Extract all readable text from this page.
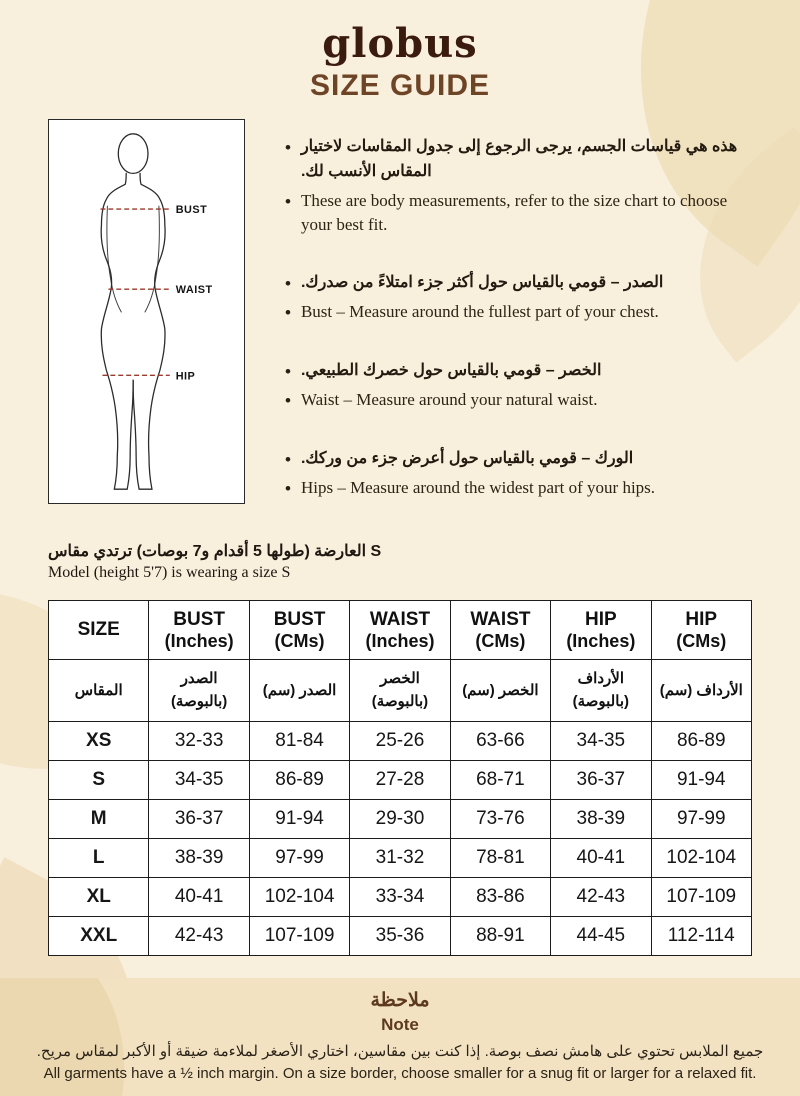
globus
SIZE GUIDE
BUST
WAIST
HIP
• هذه هي قياسات الجسم، يرجى الرجوع إلى جدول المقاسات لاختيار المقاس الأنسب لك.
• These are body measurements, refer to the size chart to choose your best fit.
• الصدر – قومي بالقياس حول أكثر جزء امتلاءً من صدرك.
• Bust – Measure around the fullest part of your chest.
• الخصر – قومي بالقياس حول خصرك الطبيعي.
• Waist – Measure around your natural waist.
• الورك – قومي بالقياس حول أعرض جزء من وركك.
• Hips – Measure around the widest part of your hips.
العارضة (طولها 5 أقدام و7 بوصات) ترتدي مقاس S
Model (height 5'7) is wearing a size S
SIZE	BUST
(Inches)

BUST
(CMs)

WAIST
(Inches)

WAIST
(CMs)

HIP
(Inches)

HIP
(CMs)

المقاس	الصدر (بالبوصة)	الصدر (سم)	الخصر (بالبوصة)	الخصر (سم)	الأرداف (بالبوصة)	الأرداف (سم)
XS	32-33	81-84	25-26	63-66	34-35	86-89
S	34-35	86-89	27-28	68-71	36-37	91-94
M	36-37	91-94	29-30	73-76	38-39	97-99
L	38-39	97-99	31-32	78-81	40-41	102-104
XL	40-41	102-104	33-34	83-86	42-43	107-109
XXL	42-43	107-109	35-36	88-91	44-45	112-114
ملاحظة
Note
جميع الملابس تحتوي على هامش نصف بوصة. إذا كنت بين مقاسين، اختاري الأصغر لملاءمة ضيقة أو الأكبر لمقاس مريح.
All garments have a ½ inch margin. On a size border, choose smaller for a snug fit or larger for a relaxed fit.
